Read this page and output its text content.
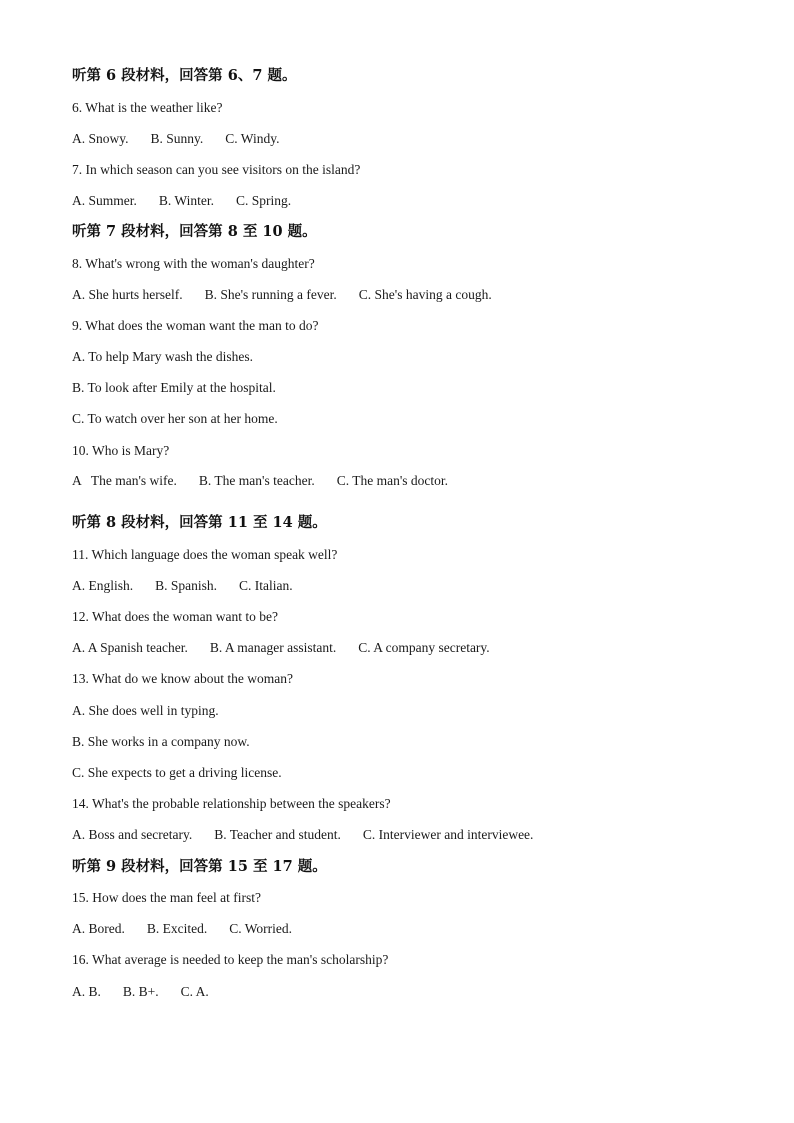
听第 6 段材料，回答第 6、7 题。
6. What is the weather like?
A. Snowy. B. Sunny. C. Windy.
7. In which season can you see visitors on the island?
A. Summer. B. Winter. C. Spring.
听第 7 段材料，回答第 8 至 10 题。
8. What's wrong with the woman's daughter?
A. She hurts herself. B. She's running a fever. C. She's having a cough.
9. What does the woman want the man to do?
A. To help Mary wash the dishes.
B. To look after Emily at the hospital.
C. To watch over her son at her home.
10. Who is Mary?
A   The man's wife. B. The man's teacher. C. The man's doctor.
听第 8 段材料，回答第 11 至 14 题。
11. Which language does the woman speak well?
A. English. B. Spanish. C. Italian.
12. What does the woman want to be?
A. A Spanish teacher. B. A manager assistant. C. A company secretary.
13. What do we know about the woman?
A. She does well in typing.
B. She works in a company now.
C. She expects to get a driving license.
14. What's the probable relationship between the speakers?
A. Boss and secretary. B. Teacher and student. C. Interviewer and interviewee.
听第 9 段材料，回答第 15 至 17 题。
15. How does the man feel at first?
A. Bored. B. Excited. C. Worried.
16. What average is needed to keep the man's scholarship?
A. B. B. B+. C. A.
